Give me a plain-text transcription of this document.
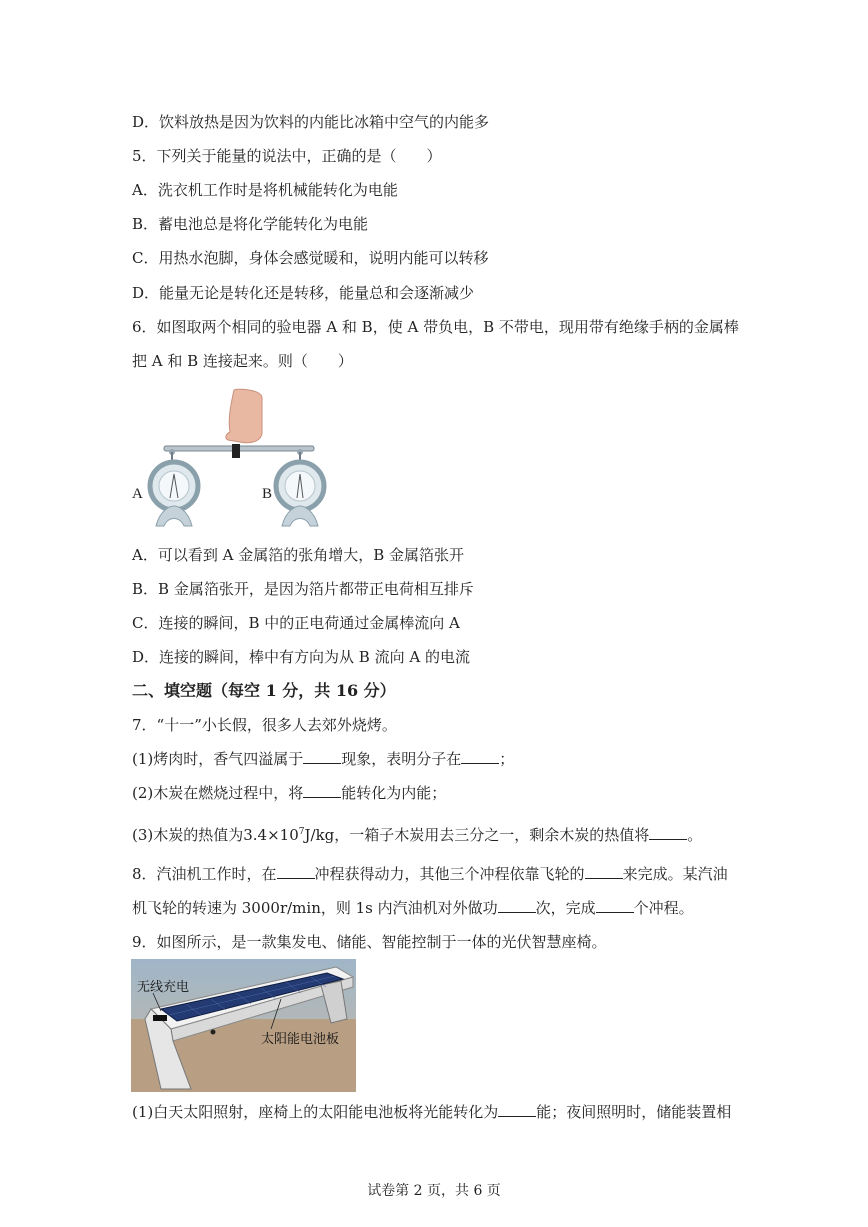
D．饮料放热是因为饮料的内能比冰箱中空气的内能多
5．下列关于能量的说法中，正确的是（　　）
A．洗衣机工作时是将机械能转化为电能
B．蓄电池总是将化学能转化为电能
C．用热水泡脚，身体会感觉暖和，说明内能可以转移
D．能量无论是转化还是转移，能量总和会逐渐减少
6．如图取两个相同的验电器 A 和 B，使 A 带负电，B 不带电，现用带有绝缘手柄的金属棒
把 A 和 B 连接起来。则（　　）
A	B
A．可以看到 A 金属箔的张角增大，B 金属箔张开
B．B 金属箔张开，是因为箔片都带正电荷相互排斥
C．连接的瞬间，B 中的正电荷通过金属棒流向 A
D．连接的瞬间，棒中有方向为从 B 流向 A 的电流
二、填空题（每空 1 分，共 16 分）
7．“十一”小长假，很多人去郊外烧烤。
(1)烤肉时，香气四溢属于	现象，表明分子在	；
(2)木炭在燃烧过程中，将	能转化为内能；
(3)木炭的热值为$3.4\times 10^7J/kg$，一箱子木炭用去三分之一，剩余木炭的热值将	。
8．汽油机工作时，在	冲程获得动力，其他三个冲程依靠飞轮的	来完成。某汽油
机飞轮的转速为 3000r/min，则 1s 内汽油机对外做功	次，完成	个冲程。
9．如图所示，是一款集发电、储能、智能控制于一体的光伏智慧座椅。
无线充电
太阳能电池板
(1)白天太阳照射，座椅上的太阳能电池板将光能转化为	能；夜间照明时，储能装置相
试卷第 2 页，共 6 页
